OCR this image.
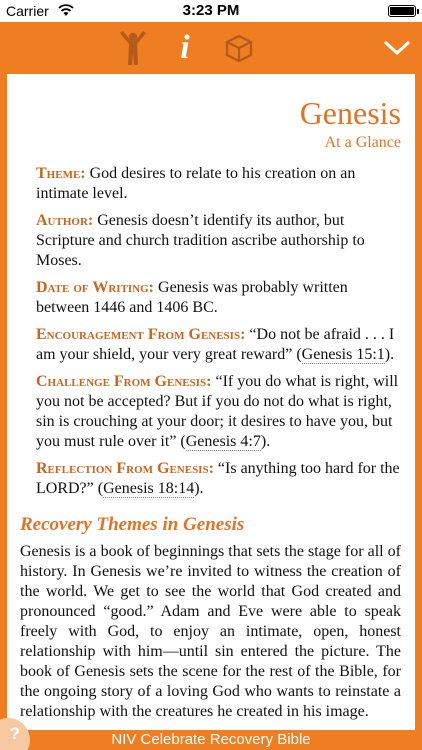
Carrier	3:23 PM
i
Genesis
At a Glance

Theme: God desires to relate to his creation on an intimate level.

Author: Genesis doesn’t identify its author, but Scripture and church tradition ascribe authorship to Moses.

Date of Writing: Genesis was probably written between 1446 and 1406 BC.

Encouragement From Genesis: “Do not be afraid . . . I am your shield, your very great reward” (Genesis 15:1).

Challenge From Genesis: “If you do what is right, will you not be accepted? But if you do not do what is right, sin is crouching at your door; it desires to have you, but you must rule over it” (Genesis 4:7).

Reflection From Genesis: “Is anything too hard for the LORD?” (Genesis 18:14).

Recovery Themes in Genesis

Genesis is a book of beginnings that sets the stage for all of history. In Genesis we’re invited to witness the creation of the world. We get to see the world that God created and pronounced “good.” Adam and Eve were able to speak freely with God, to enjoy an intimate, open, honest relationship with him—until sin entered the picture. The book of Genesis sets the scene for the rest of the Bible, for the ongoing story of a loving God who wants to reinstate a relationship with the creatures he created in his image.

NIV Celebrate Recovery Bible
?
